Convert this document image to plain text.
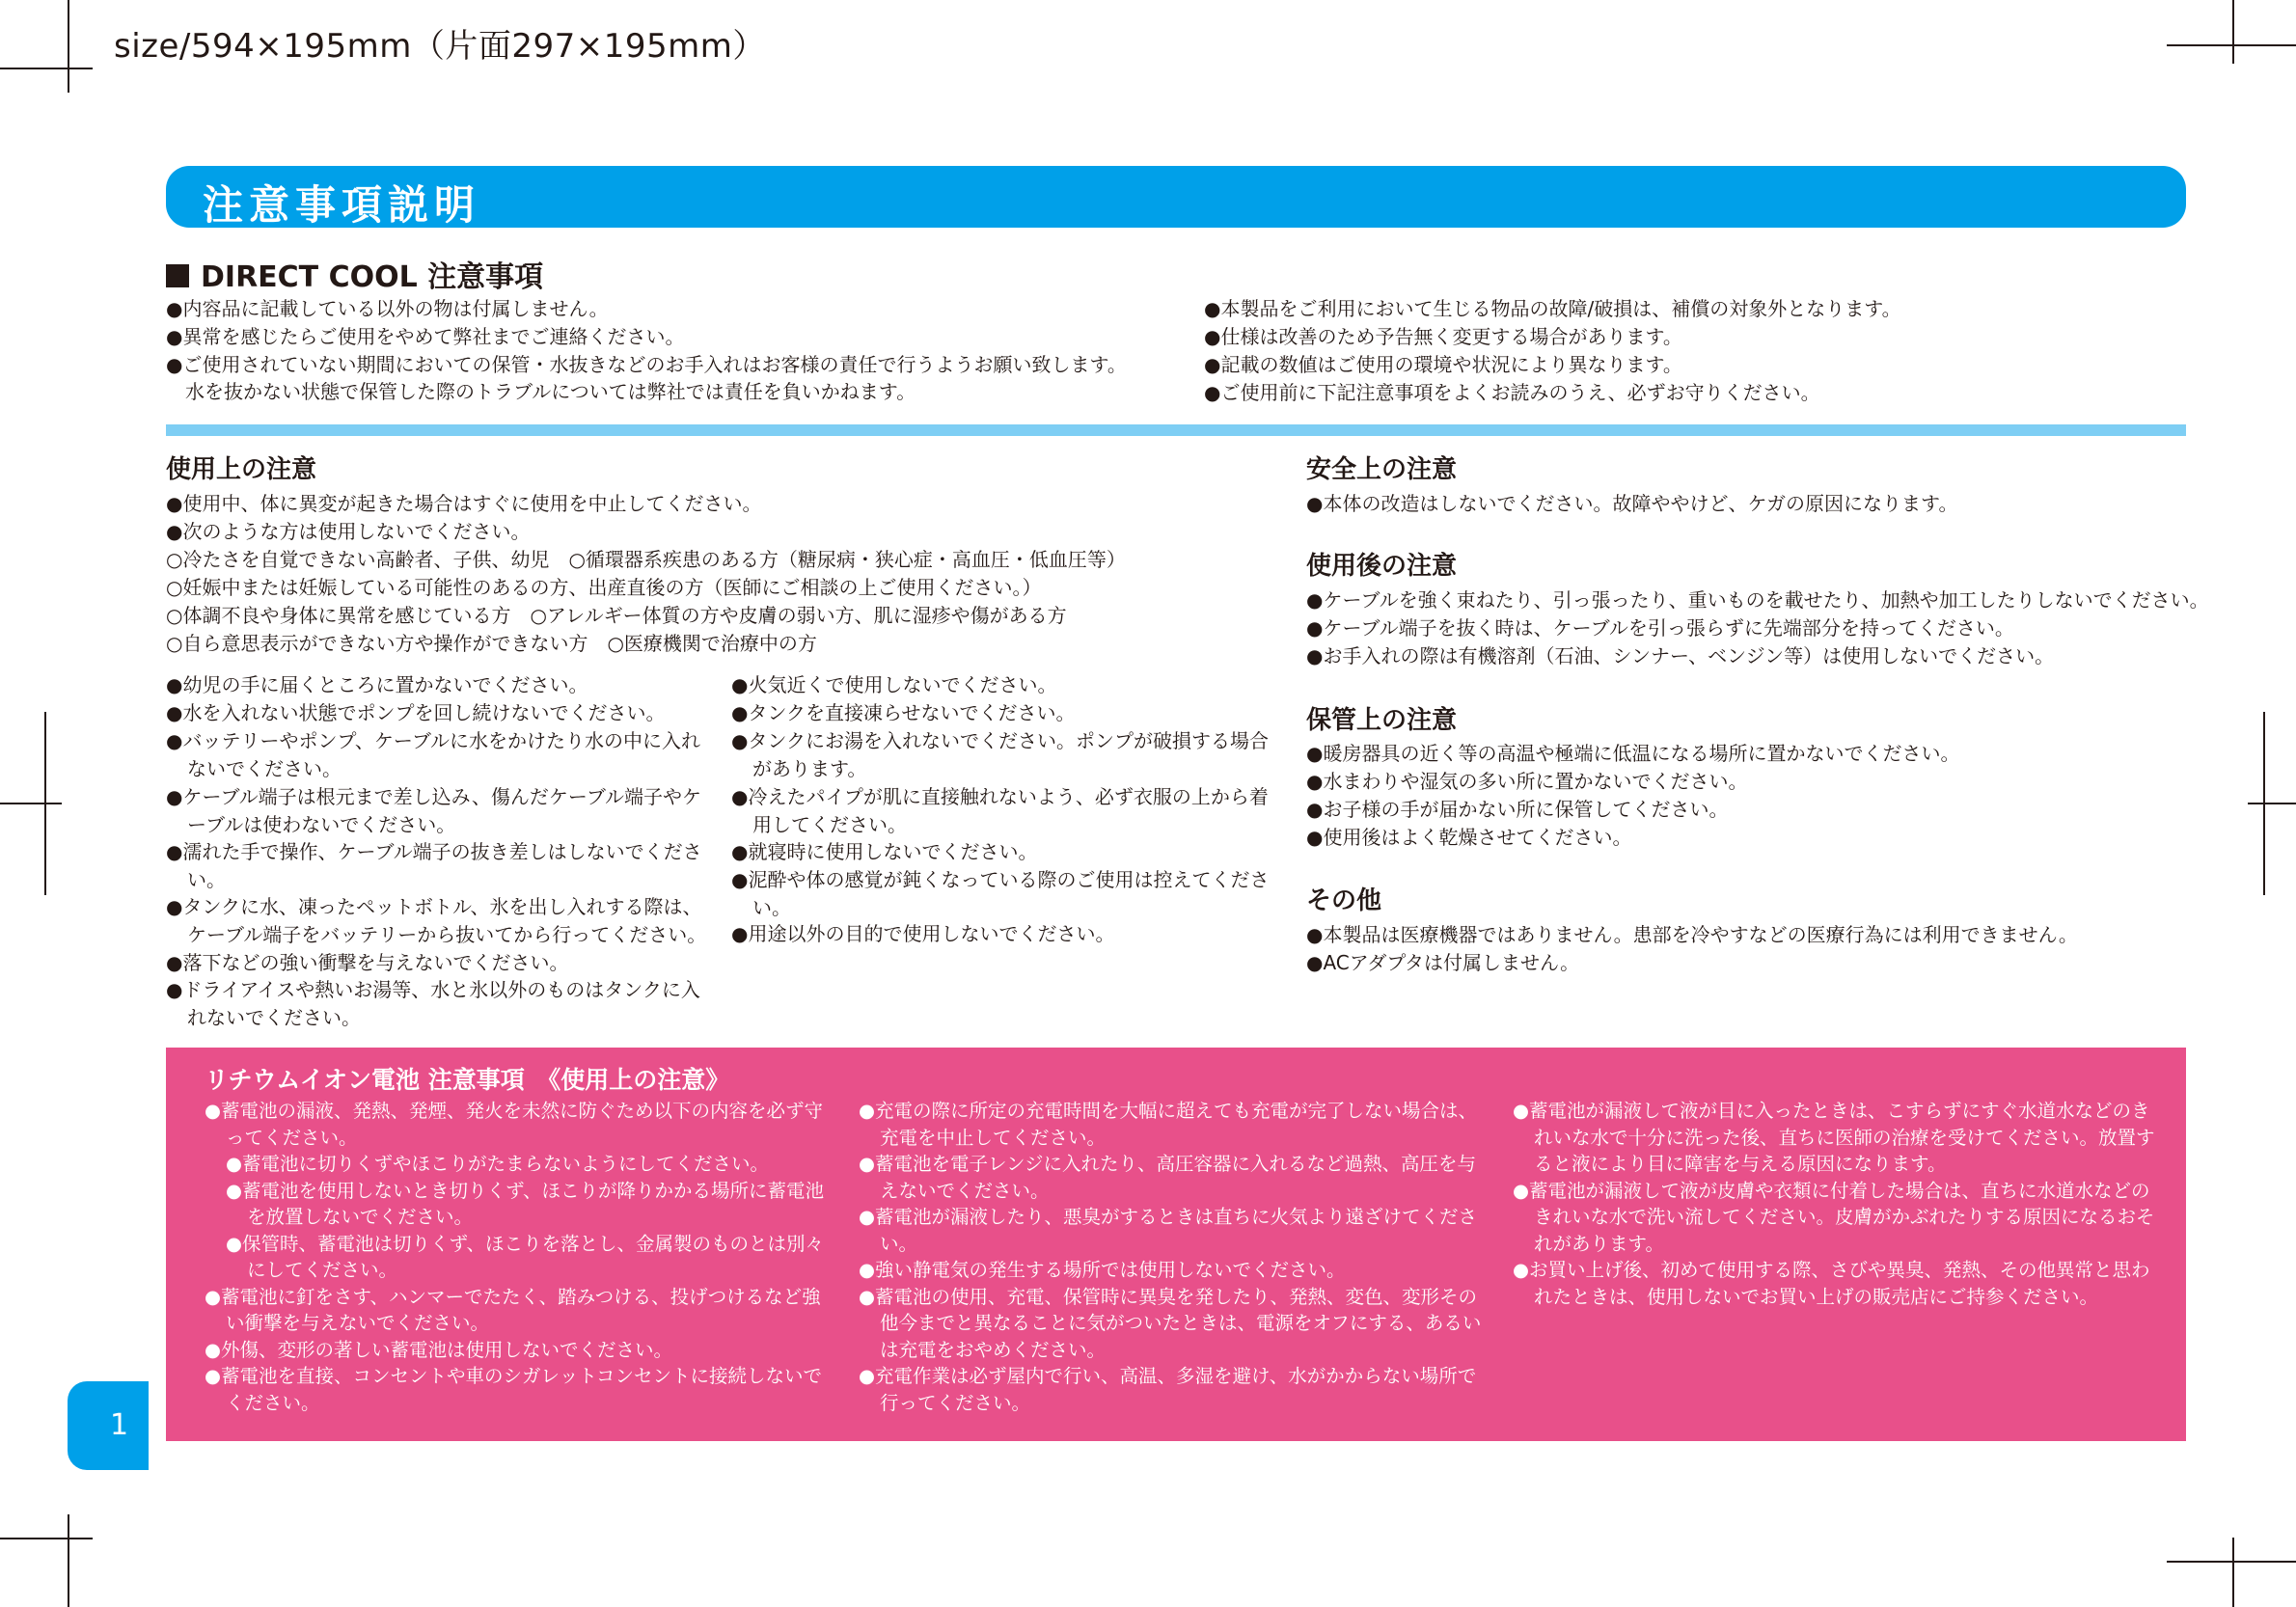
size/594×195mm（片面297×195mm）
注意事項説明
DIRECT COOL 注意事項
●内容品に記載している以外の物は付属しません。
●異常を感じたらご使用をやめて弊社までご連絡ください。
●ご使用されていない期間においての保管・水抜きなどのお手入れはお客様の責任で行うようお願い致します。
水を抜かない状態で保管した際のトラブルについては弊社では責任を負いかねます。
●本製品をご利用において生じる物品の故障/破損は、補償の対象外となります。
●仕様は改善のため予告無く変更する場合があります。
●記載の数値はご使用の環境や状況により異なります。
●ご使用前に下記注意事項をよくお読みのうえ、必ずお守りください。
使用上の注意
●使用中、体に異変が起きた場合はすぐに使用を中止してください。
●次のような方は使用しないでください。
○冷たさを自覚できない高齢者、子供、幼児　○循環器系疾患のある方（糖尿病・狭心症・高血圧・低血圧等）
○妊娠中または妊娠している可能性のあるの方、出産直後の方（医師にご相談の上ご使用ください。）
○体調不良や身体に異常を感じている方　○アレルギー体質の方や皮膚の弱い方、肌に湿疹や傷がある方
○自ら意思表示ができない方や操作ができない方　○医療機関で治療中の方
●幼児の手に届くところに置かないでください。
●水を入れない状態でポンプを回し続けないでください。
●バッテリーやポンプ、ケーブルに水をかけたり水の中に入れないでください。
●ケーブル端子は根元まで差し込み、傷んだケーブル端子やケーブルは使わないでください。
●濡れた手で操作、ケーブル端子の抜き差しはしないでください。
●タンクに水、凍ったペットボトル、氷を出し入れする際は、ケーブル端子をバッテリーから抜いてから行ってください。
●落下などの強い衝撃を与えないでください。
●ドライアイスや熱いお湯等、水と氷以外のものはタンクに入れないでください。
●火気近くで使用しないでください。
●タンクを直接凍らせないでください。
●タンクにお湯を入れないでください。ポンプが破損する場合があります。
●冷えたパイプが肌に直接触れないよう、必ず衣服の上から着用してください。
●就寝時に使用しないでください。
●泥酔や体の感覚が鈍くなっている際のご使用は控えてください。
●用途以外の目的で使用しないでください。
安全上の注意
●本体の改造はしないでください。故障ややけど、ケガの原因になります。
使用後の注意
●ケーブルを強く束ねたり、引っ張ったり、重いものを載せたり、加熱や加工したりしないでください。
●ケーブル端子を抜く時は、ケーブルを引っ張らずに先端部分を持ってください。
●お手入れの際は有機溶剤（石油、シンナー、ベンジン等）は使用しないでください。
保管上の注意
●暖房器具の近く等の高温や極端に低温になる場所に置かないでください。
●水まわりや湿気の多い所に置かないでください。
●お子様の手が届かない所に保管してください。
●使用後はよく乾燥させてください。
その他
●本製品は医療機器ではありません。患部を冷やすなどの医療行為には利用できません。
●ACアダプタは付属しません。
リチウムイオン電池 注意事項　《使用上の注意》

●蓄電池の漏液、発熱、発煙、発火を未然に防ぐため以下の内容を必ず守ってください。

●蓄電池に切りくずやほこりがたまらないようにしてください。

●蓄電池を使用しないとき切りくず、ほこりが降りかかる場所に蓄電池を放置しないでください。

●保管時、蓄電池は切りくず、ほこりを落とし、金属製のものとは別々にしてください。

●蓄電池に釘をさす、ハンマーでたたく、踏みつける、投げつけるなど強い衝撃を与えないでください。

●外傷、変形の著しい蓄電池は使用しないでください。

●蓄電池を直接、コンセントや車のシガレットコンセントに接続しないでください。

●充電の際に所定の充電時間を大幅に超えても充電が完了しない場合は、充電を中止してください。

●蓄電池を電子レンジに入れたり、高圧容器に入れるなど過熱、高圧を与えないでください。

●蓄電池が漏液したり、悪臭がするときは直ちに火気より遠ざけてください。

●強い静電気の発生する場所では使用しないでください。

●蓄電池の使用、充電、保管時に異臭を発したり、発熱、変色、変形その他今までと異なることに気がついたときは、電源をオフにする、あるいは充電をおやめください。

●充電作業は必ず屋内で行い、高温、多湿を避け、水がかからない場所で行ってください。

●蓄電池が漏液して液が目に入ったときは、こすらずにすぐ水道水などのきれいな水で十分に洗った後、直ちに医師の治療を受けてください。放置すると液により目に障害を与える原因になります。

●蓄電池が漏液して液が皮膚や衣類に付着した場合は、直ちに水道水などのきれいな水で洗い流してください。皮膚がかぶれたりする原因になるおそれがあります。

●お買い上げ後、初めて使用する際、さびや異臭、発熱、その他異常と思われたときは、使用しないでお買い上げの販売店にご持参ください。

1
